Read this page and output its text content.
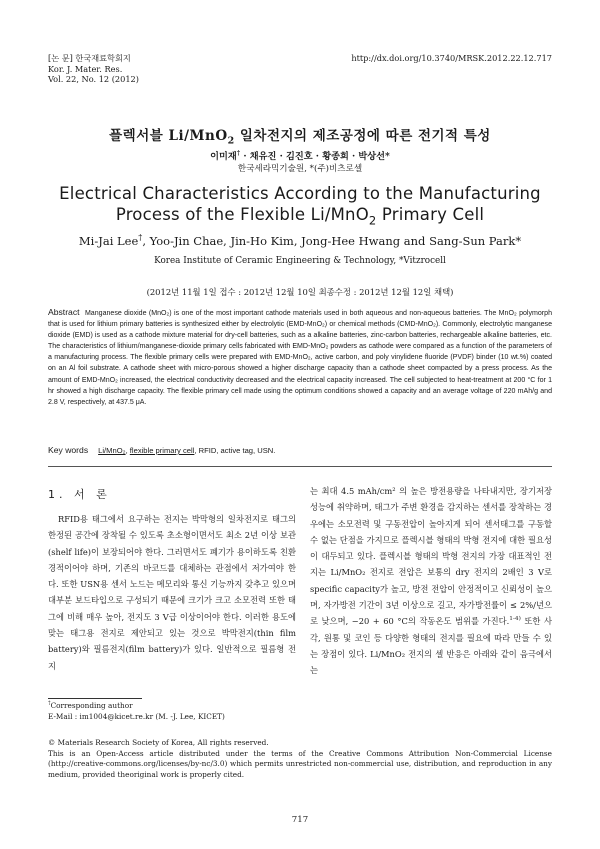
[논 문] 한국재료학회지
Kor. J. Mater. Res.
Vol. 22, No. 12 (2012)
http://dx.doi.org/10.3740/MRSK.2012.22.12.717
플렉서블 Li/MnO$_2$ 일차전지의 제조공정에 따른 전기적 특성
이미재† · 채유진 · 김진호 · 황종희 · 박상선*
한국세라믹기술원, *(주)비츠로셀
Electrical Characteristics According to the Manufacturing
Process of the Flexible Li/MnO$_2$ Primary Cell
Mi-Jai Lee†, Yoo-Jin Chae, Jin-Ho Kim, Jong-Hee Hwang and Sang-Sun Park*
Korea Institute of Ceramic Engineering & Technology, *Vitzrocell
(2012년 11월 1일 접수 : 2012년 12월 10일 최종수정 : 2012년 12월 12일 채택)
Abstract Manganese dioxide (MnO₂) is one of the most important cathode materials used in both aqueous and non-aqueous batteries. The MnO₂ polymorph that is used for lithium primary batteries is synthesized either by electrolytic (EMD-MnO₂) or chemical methods (CMD-MnO₂). Commonly, electrolytic manganese dioxide (EMD) is used as a cathode mixture material for dry-cell batteries, such as a alkaline batteries, zinc-carbon batteries, rechargeable alkaline batteries, etc. The characteristics of lithium/manganese-dioxide primary cells fabricated with EMD-MnO₂ powders as cathode were compared as a function of the parameters of a manufacturing process. The flexible primary cells were prepared with EMD-MnO₂, active carbon, and poly vinylidene fluoride (PVDF) binder (10 wt.%) coated on an Al foil substrate. A cathode sheet with micro-porous showed a higher discharge capacity than a cathode sheet compacted by a press process. As the amount of EMD-MnO₂ increased, the electrical conductivity decreased and the electrical capacity increased. The cell subjected to heat-treatment at 200 °C for 1 hr showed a high discharge capacity. The flexible primary cell made using the optimum conditions showed a capacity and an average voltage of 220 mAh/g and 2.8 V, respectively, at 437.5 μA.
Key words Li/MnO₂, flexible primary cell, RFID, active tag, USN.
1. 서 론

RFID용 태그에서 요구하는 전지는 박막형의 일차전지로 태그의 한정된 공간에 장착될 수 있도록 초소형이면서도 최소 2년 이상 보관(shelf life)이 보장되어야 한다. 그러면서도 폐기가 용이하도록 친환경적이어야 하며, 기존의 바코드를 대체하는 관점에서 저가여야 한다. 또한 USN용 센서 노드는 메모리와 통신 기능까지 갖추고 있으며 대부분 보드타입으로 구성되기 때문에 크기가 크고 소모전력 또한 태그에 비해 매우 높아, 전지도 3 V급 이상이어야 한다. 이러한 용도에 맞는 태그용 전지로 제안되고 있는 것으로 박막전지(thin film battery)와 필름전지(film battery)가 있다. 일반적으로 필름형 전지

는 최대 4.5 mAh/cm² 의 높은 방전용량을 나타내지만, 장기저장성능에 취약하며, 태그가 주변 환경을 감지하는 센서를 장착하는 경우에는 소모전력 및 구동전압이 높아지게 되어 센서태그를 구동할 수 없는 단점을 가지므로 플렉시블 형태의 박형 전지에 대한 필요성이 대두되고 있다. 플렉시블 형태의 박형 전지의 가장 대표적인 전지는 Li/MnO₂ 전지로 전압은 보통의 dry 전지의 2배인 3 V로 specific capacity가 높고, 방전 전압이 안정적이고 신뢰성이 높으며, 자가방전 기간이 3년 이상으로 길고, 자가방전률이 ≤ 2%/년으로 낮으며, −20 + 60 °C의 작동온도 범위를 가진다.$^{1-4)}$ 또한 사각, 원통 및 코인 등 다양한 형태의 전지를 필요에 따라 만들 수 있는 장점이 있다. Li/MnO₂ 전지의 셀 반응은 아래와 같이 음극에서는

†Corresponding author
E-Mail : im1004@kicet.re.kr (M. -J. Lee, KICET)
© Materials Research Society of Korea, All rights reserved.
This is an Open-Access article distributed under the terms of the Creative Commons Attribution Non-Commercial License (http://creative-commons.org/licenses/by-nc/3.0) which permits unrestricted non-commercial use, distribution, and reproduction in any medium, provided theoriginal work is properly cited.
717
